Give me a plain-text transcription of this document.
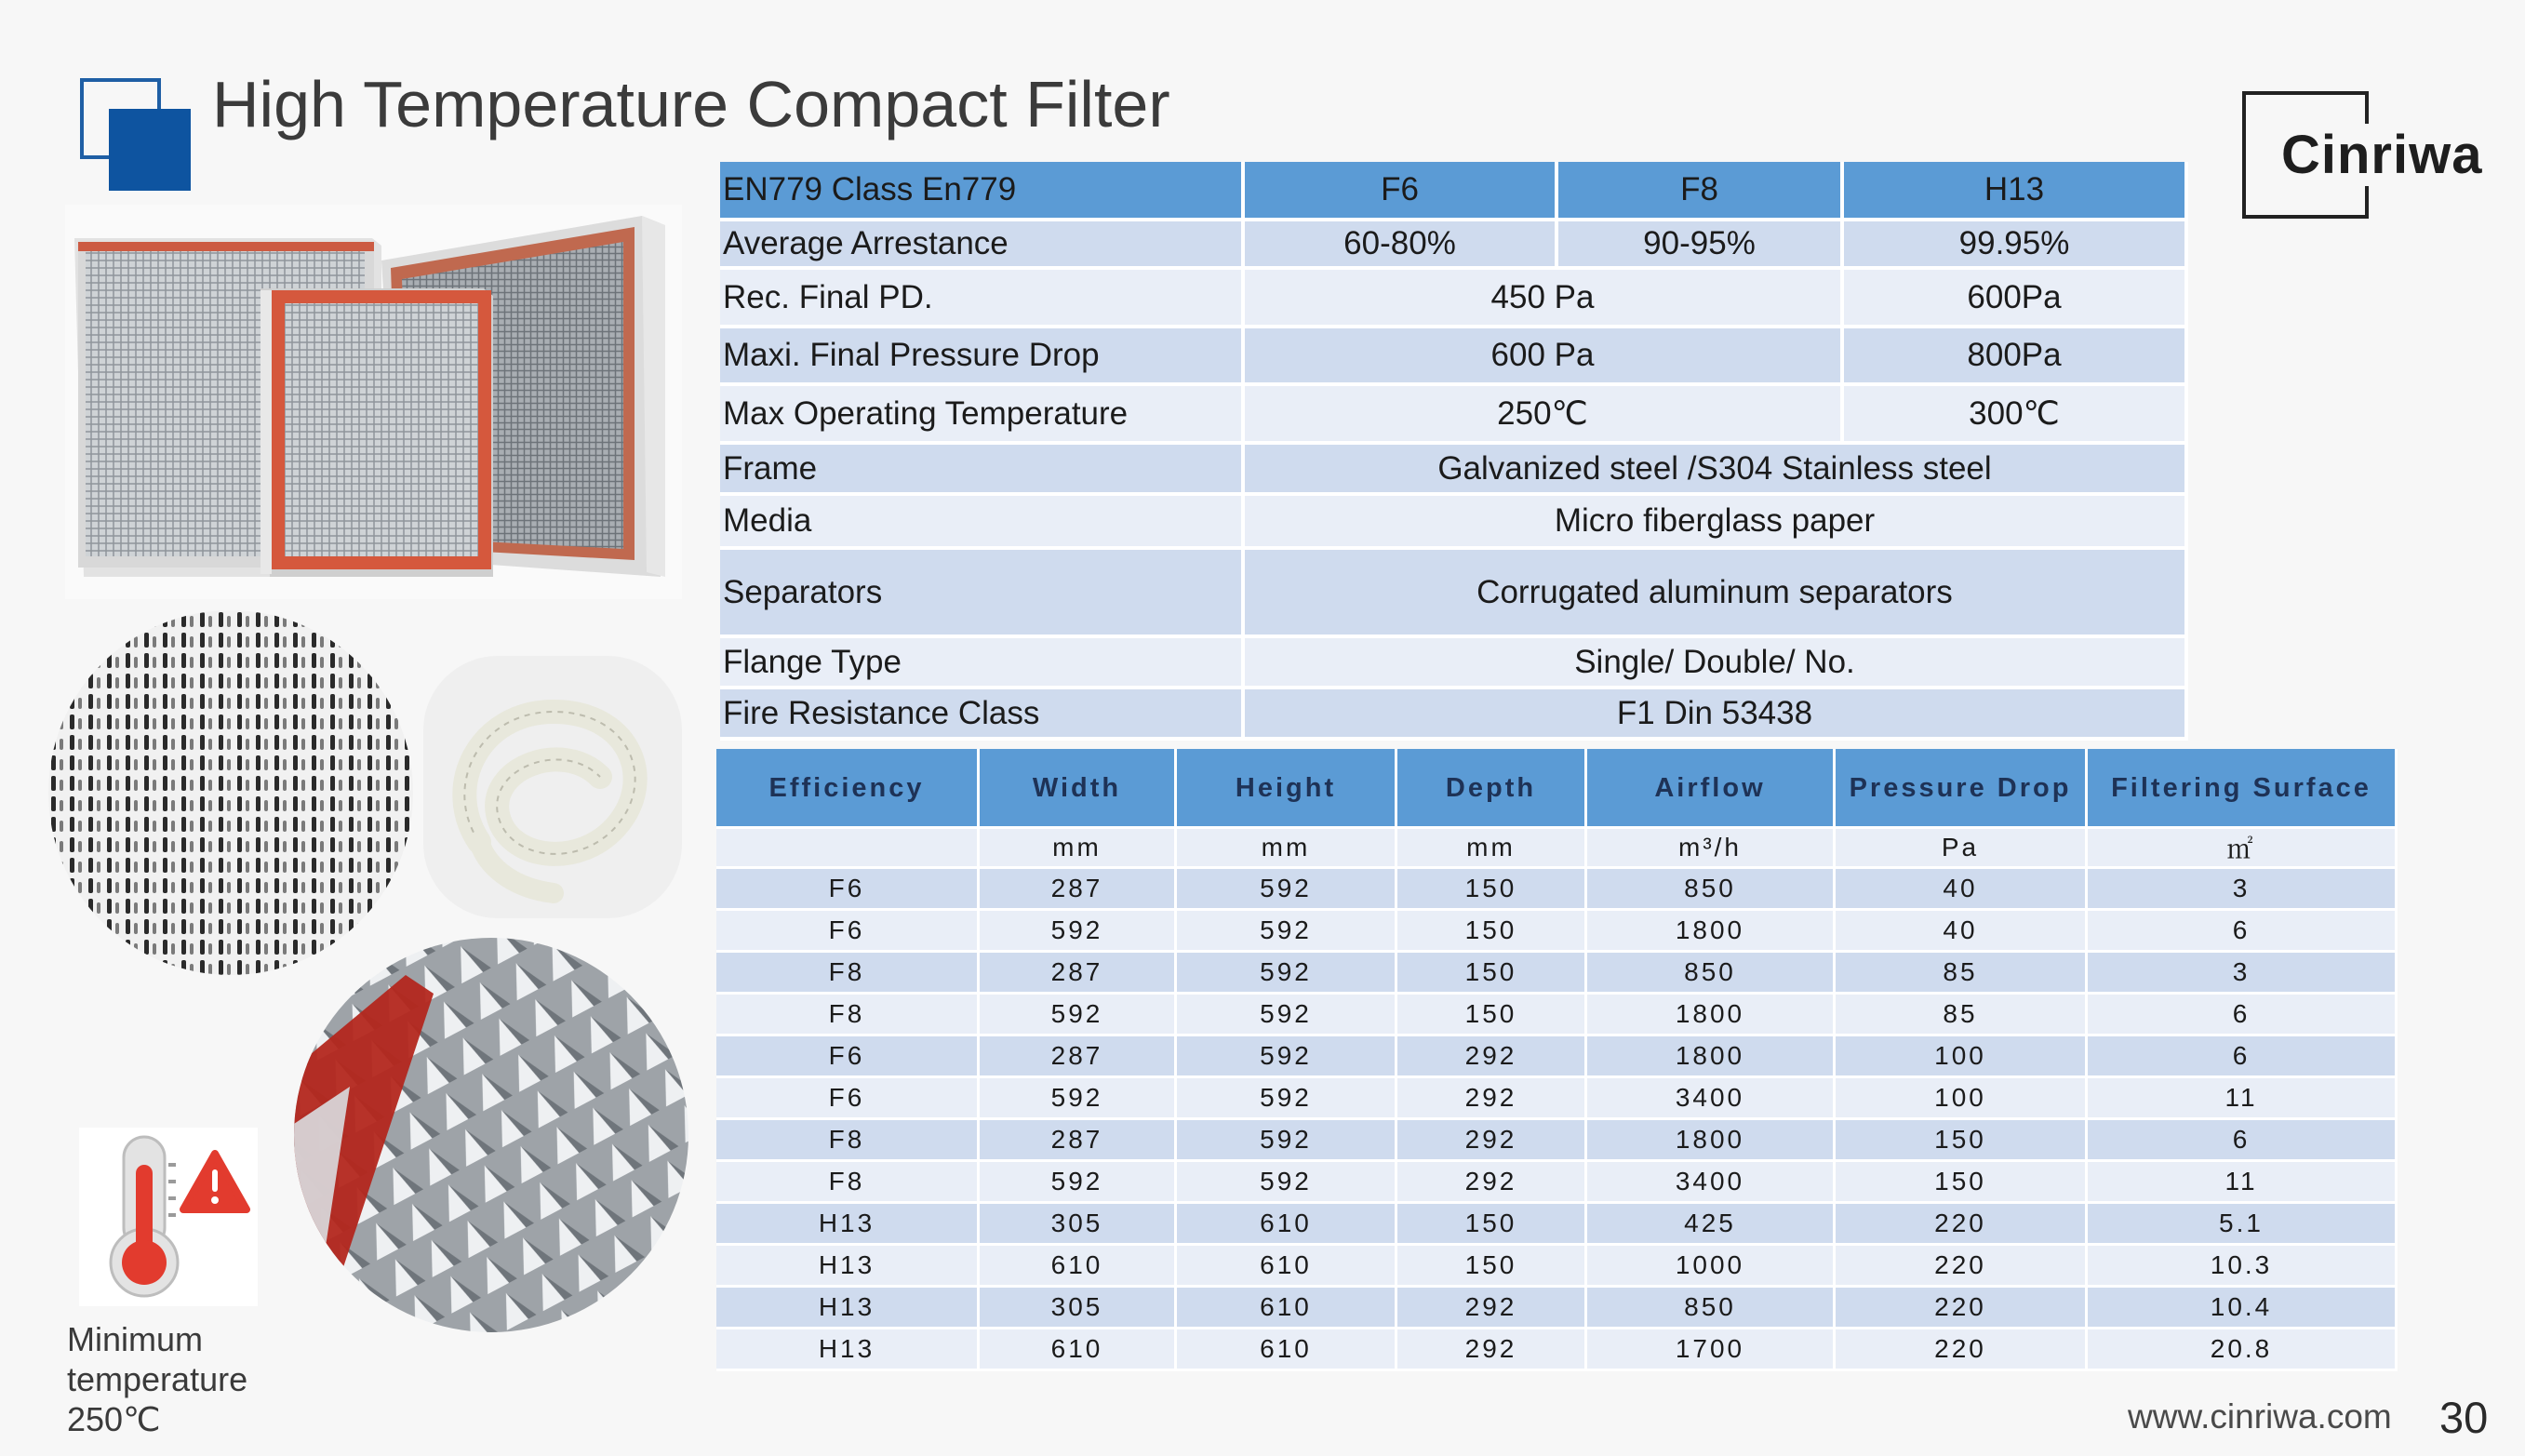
High Temperature Compact Filter
Cinriwa
Minimum
temperature
250℃
EN779 Class En779	F6	F8	H13
Average Arrestance	60-80%	90-95%	99.95%
Rec. Final PD.	450 Pa		600Pa
Maxi. Final Pressure Drop	600 Pa		800Pa
Max Operating Temperature	250℃		300℃
Frame	Galvanized steel /S304 Stainless steel		
Media	Micro fiberglass paper		
Separators	Corrugated aluminum separators		
Flange Type	Single/ Double/ No.		
Fire Resistance Class	F1 Din 53438		
Efficiency	Width	Height	Depth	Airflow	Pressure Drop	Filtering Surface
	mm	mm	mm	m³/h	Pa	㎡
F6	287	592	150	850	40	3
F6	592	592	150	1800	40	6
F8	287	592	150	850	85	3
F8	592	592	150	1800	85	6
F6	287	592	292	1800	100	6
F6	592	592	292	3400	100	11
F8	287	592	292	1800	150	6
F8	592	592	292	3400	150	11
H13	305	610	150	425	220	5.1
H13	610	610	150	1000	220	10.3
H13	305	610	292	850	220	10.4
H13	610	610	292	1700	220	20.8
www.cinriwa.com 30
